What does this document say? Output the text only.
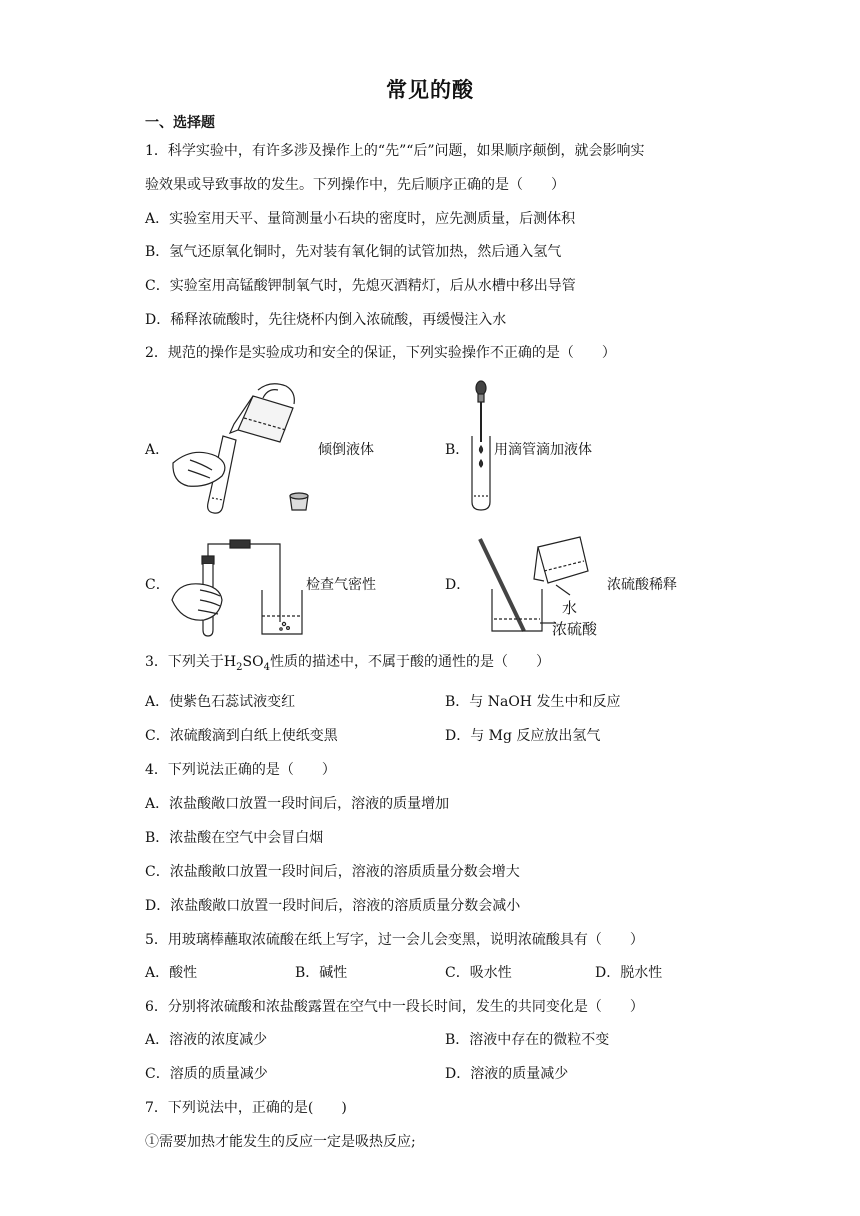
常见的酸
一、选择题
1．科学实验中，有许多涉及操作上的“先”“后”问题，如果顺序颠倒，就会影响实
验效果或导致事故的发生。下列操作中，先后顺序正确的是（　　）
A．实验室用天平、量筒测量小石块的密度时，应先测质量，后测体积
B．氢气还原氧化铜时，先对装有氧化铜的试管加热，然后通入氢气
C．实验室用高锰酸钾制氧气时，先熄灭酒精灯，后从水槽中移出导管
D．稀释浓硫酸时，先往烧杯内倒入浓硫酸，再缓慢注入水
2．规范的操作是实验成功和安全的保证，下列实验操作不正确的是（　　）
A．	倾倒液体	B． 用滴管滴加液体
C．	检查气密性	D．
水
浓硫酸
浓硫酸稀释
3．下列关于$H_2SO_4$性质的描述中，不属于酸的通性的是（　　）
A．使紫色石蕊试液变红	B．与 NaOH 发生中和反应
C．浓硫酸滴到白纸上使纸变黑	D．与 Mg 反应放出氢气
4．下列说法正确的是（　　）
A．浓盐酸敞口放置一段时间后，溶液的质量增加
B．浓盐酸在空气中会冒白烟
C．浓盐酸敞口放置一段时间后，溶液的溶质质量分数会增大
D．浓盐酸敞口放置一段时间后，溶液的溶质质量分数会减小
5．用玻璃棒蘸取浓硫酸在纸上写字，过一会儿会变黑，说明浓硫酸具有（　　）
A．酸性	B．碱性	C．吸水性	D．脱水性
6．分别将浓硫酸和浓盐酸露置在空气中一段长时间，发生的共同变化是（　　）
A．溶液的浓度减少	B．溶液中存在的微粒不变
C．溶质的质量减少	D．溶液的质量减少
7．下列说法中，正确的是(　　)
①需要加热才能发生的反应一定是吸热反应;
